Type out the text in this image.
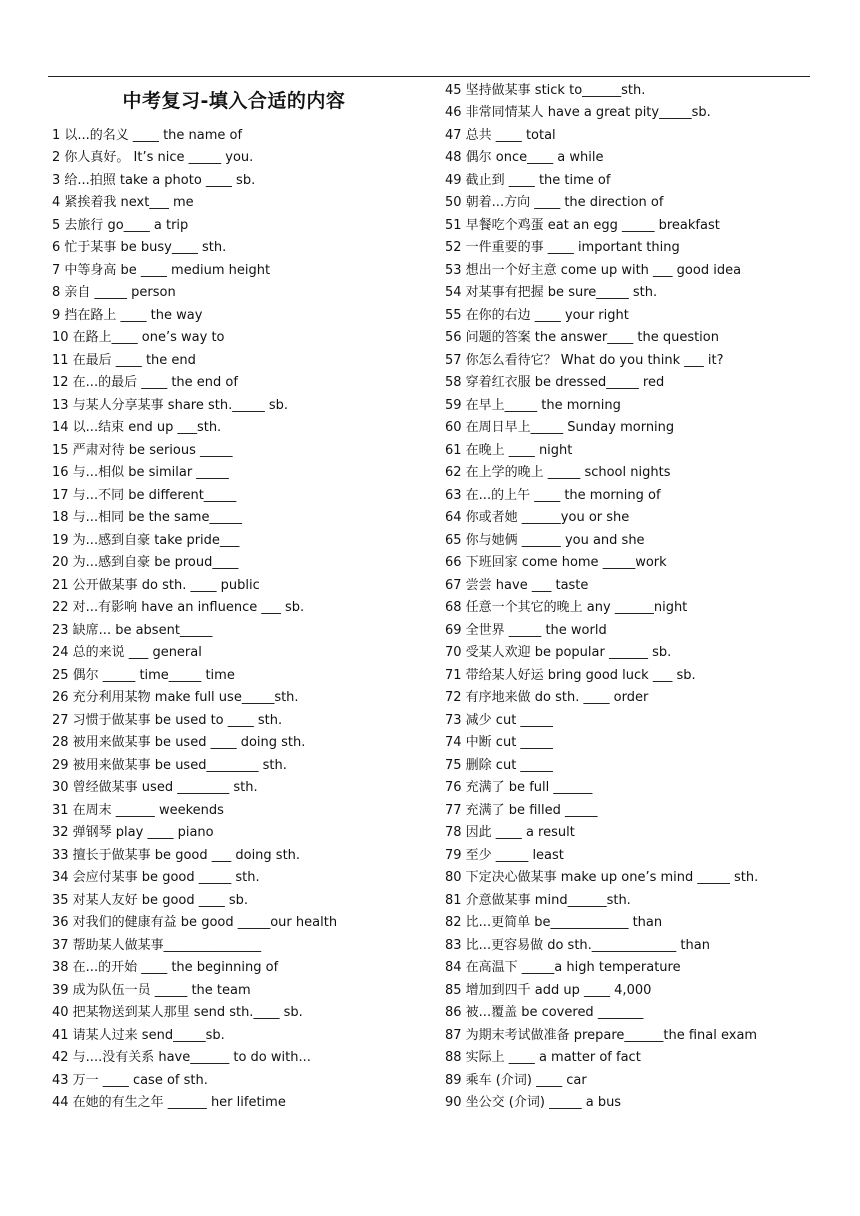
中考复习-填入合适的内容
1 以...的名义 ____ the name of
2 你人真好。 It’s nice _____ you.
3 给...拍照 take a photo ____ sb.
4 紧挨着我 next___ me
5 去旅行 go____ a trip
6 忙于某事 be busy____ sth.
7 中等身高 be ____ medium height
8 亲自 _____ person
9 挡在路上 ____ the way
10 在路上____ one’s way to
11 在最后 ____ the end
12 在...的最后 ____ the end of
13 与某人分享某事 share sth._____ sb.
14 以...结束 end up ___sth.
15 严肃对待 be serious _____
16 与...相似 be similar _____
17 与...不同 be different_____
18 与...相同 be the same_____
19 为...感到自豪 take pride___
20 为...感到自豪 be proud____
21 公开做某事 do sth. ____ public
22 对...有影响 have an influence ___ sb.
23 缺席... be absent_____
24 总的来说 ___ general
25 偶尔 _____ time_____ time
26 充分利用某物 make full use_____sth.
27 习惯于做某事 be used to ____ sth.
28 被用来做某事 be used ____ doing sth.
29 被用来做某事 be used________ sth.
30 曾经做某事 used ________ sth.
31 在周末 ______ weekends
32 弹钢琴 play ____ piano
33 擅长于做某事 be good ___ doing sth.
34 会应付某事 be good _____ sth.
35 对某人友好 be good ____ sb.
36 对我们的健康有益 be good _____our health
37 帮助某人做某事_______________
38 在...的开始 ____ the beginning of
39 成为队伍一员 _____ the team
40 把某物送到某人那里 send sth.____ sb.
41 请某人过来 send_____sb.
42 与....没有关系 have______ to do with...
43 万一 ____ case of sth.
44 在她的有生之年 ______ her lifetime
45 坚持做某事 stick to______sth.
46 非常同情某人 have a great pity_____sb.
47 总共 ____ total
48 偶尔 once____ a while
49 截止到 ____ the time of
50 朝着...方向 ____ the direction of
51 早餐吃个鸡蛋 eat an egg _____ breakfast
52 一件重要的事 ____ important thing
53 想出一个好主意 come up with ___ good idea
54 对某事有把握 be sure_____ sth.
55 在你的右边 ____ your right
56 问题的答案 the answer____ the question
57 你怎么看待它？ What do you think ___ it?
58 穿着红衣服 be dressed_____ red
59 在早上_____ the morning
60 在周日早上_____ Sunday morning
61 在晚上 ____ night
62 在上学的晚上 _____ school nights
63 在...的上午 ____ the morning of
64 你或者她 ______you or she
65 你与她俩 ______ you and she
66 下班回家 come home _____work
67 尝尝 have ___ taste
68 任意一个其它的晚上 any ______night
69 全世界 _____ the world
70 受某人欢迎 be popular ______ sb.
71 带给某人好运 bring good luck ___ sb.
72 有序地来做 do sth. ____ order
73 减少 cut _____
74 中断 cut _____
75 删除 cut _____
76 充满了 be full ______
77 充满了 be filled _____
78 因此 ____ a result
79 至少 _____ least
80 下定决心做某事 make up one’s mind _____ sth.
81 介意做某事 mind______sth.
82 比...更简单 be____________ than
83 比...更容易做 do sth._____________ than
84 在高温下 _____a high temperature
85 增加到四千 add up ____ 4,000
86 被...覆盖 be covered _______
87 为期末考试做准备 prepare______the final exam
88 实际上 ____ a matter of fact
89 乘车 (介词) ____ car
90 坐公交 (介词) _____ a bus
